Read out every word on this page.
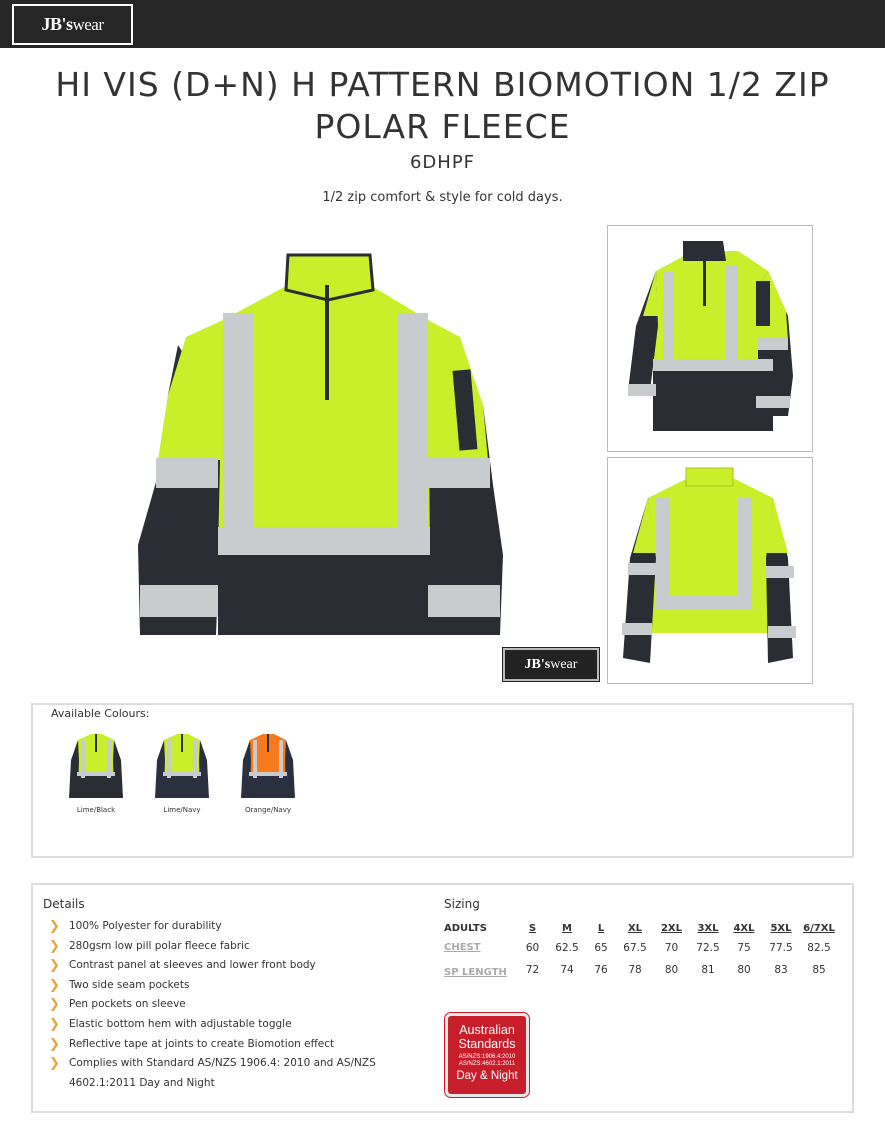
JB's wear
HI VIS (D+N) H PATTERN BIOMOTION 1/2 ZIP POLAR FLEECE
6DHPF
1/2 zip comfort & style for cold days.
JB's wear
Available Colours:
Lime/Black	Lime/Navy	Orange/Navy
Details
❯ 100% Polyester for durability
❯ 280gsm low pill polar fleece fabric
❯ Contrast panel at sleeves and lower front body
❯ Two side seam pockets
❯ Pen pockets on sleeve
❯ Elastic bottom hem with adjustable toggle
❯ Reflective tape at joints to create Biomotion effect
❯ Complies with Standard AS/NZS 1906.4: 2010 and AS/NZS 4602.1:2011 Day and Night
Sizing
ADULTS	S	M	L	XL	2XL	3XL	4XL	5XL	6/7XL
CHEST	60	62.5	65	67.5	70	72.5	75	77.5	82.5
SP LENGTH	72	74	76	78	80	81	80	83	85
Australian Standards
AS/NZS:1906.4:2010
AS/NZS:4602.1:2011
Day & Night
